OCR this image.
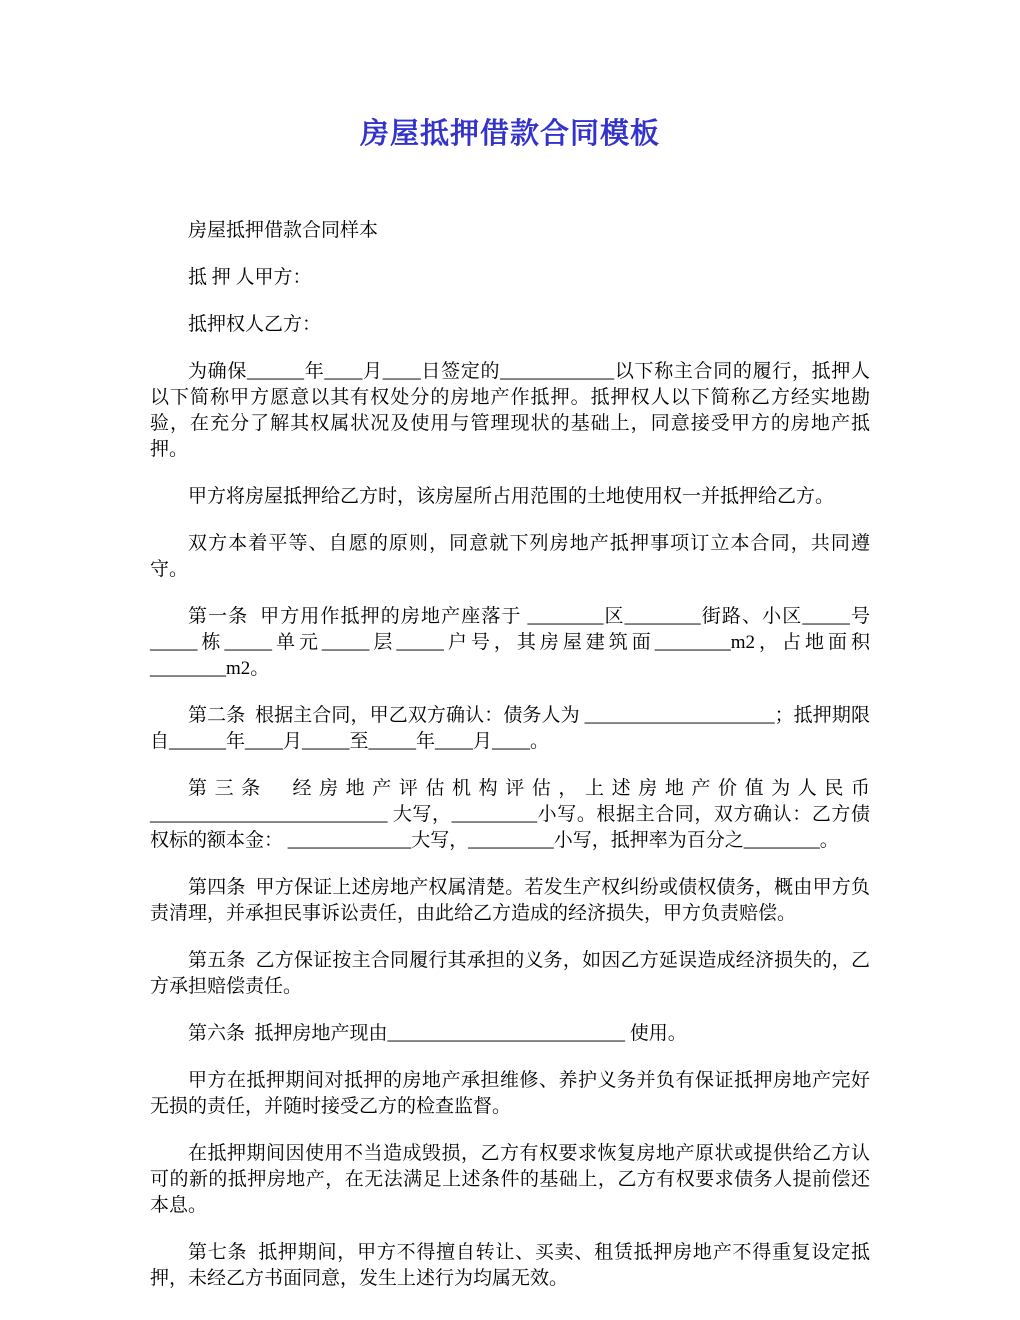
房屋抵押借款合同模板

房屋抵押借款合同样本

抵 押 人甲方：

抵押权人乙方：

为确保______年____月____日签定的____________以下称主合同的履行，抵押人以下简称甲方愿意以其有权处分的房地产作抵押。抵押权人以下简称乙方经实地勘验，在充分了解其权属状况及使用与管理现状的基础上，同意接受甲方的房地产抵押。

甲方将房屋抵押给乙方时，该房屋所占用范围的土地使用权一并抵押给乙方。

双方本着平等、自愿的原则，同意就下列房地产抵押事项订立本合同，共同遵守。

第一条  甲方用作抵押的房地产座落于 ________区________街路、小区_____号_____栋_____单元_____层_____户号，其房屋建筑面________m2，占地面积________m2。

第二条  根据主合同，甲乙双方确认：债务人为 ____________________；抵押期限自______年____月_____至_____年____月____。

第三条  经房地产评估机构评估，上述房地产价值为人民币_________________________ 大写，_________小写。根据主合同，双方确认：乙方债权标的额本金： _____________大写，_________小写，抵押率为百分之________。

第四条  甲方保证上述房地产权属清楚。若发生产权纠纷或债权债务，概由甲方负责清理，并承担民事诉讼责任，由此给乙方造成的经济损失，甲方负责赔偿。

第五条  乙方保证按主合同履行其承担的义务，如因乙方延误造成经济损失的，乙方承担赔偿责任。

第六条  抵押房地产现由_________________________ 使用。

甲方在抵押期间对抵押的房地产承担维修、养护义务并负有保证抵押房地产完好无损的责任，并随时接受乙方的检查监督。

在抵押期间因使用不当造成毁损，乙方有权要求恢复房地产原状或提供给乙方认可的新的抵押房地产，在无法满足上述条件的基础上，乙方有权要求债务人提前偿还本息。

第七条  抵押期间，甲方不得擅自转让、买卖、租赁抵押房地产不得重复设定抵押，未经乙方书面同意，发生上述行为均属无效。
